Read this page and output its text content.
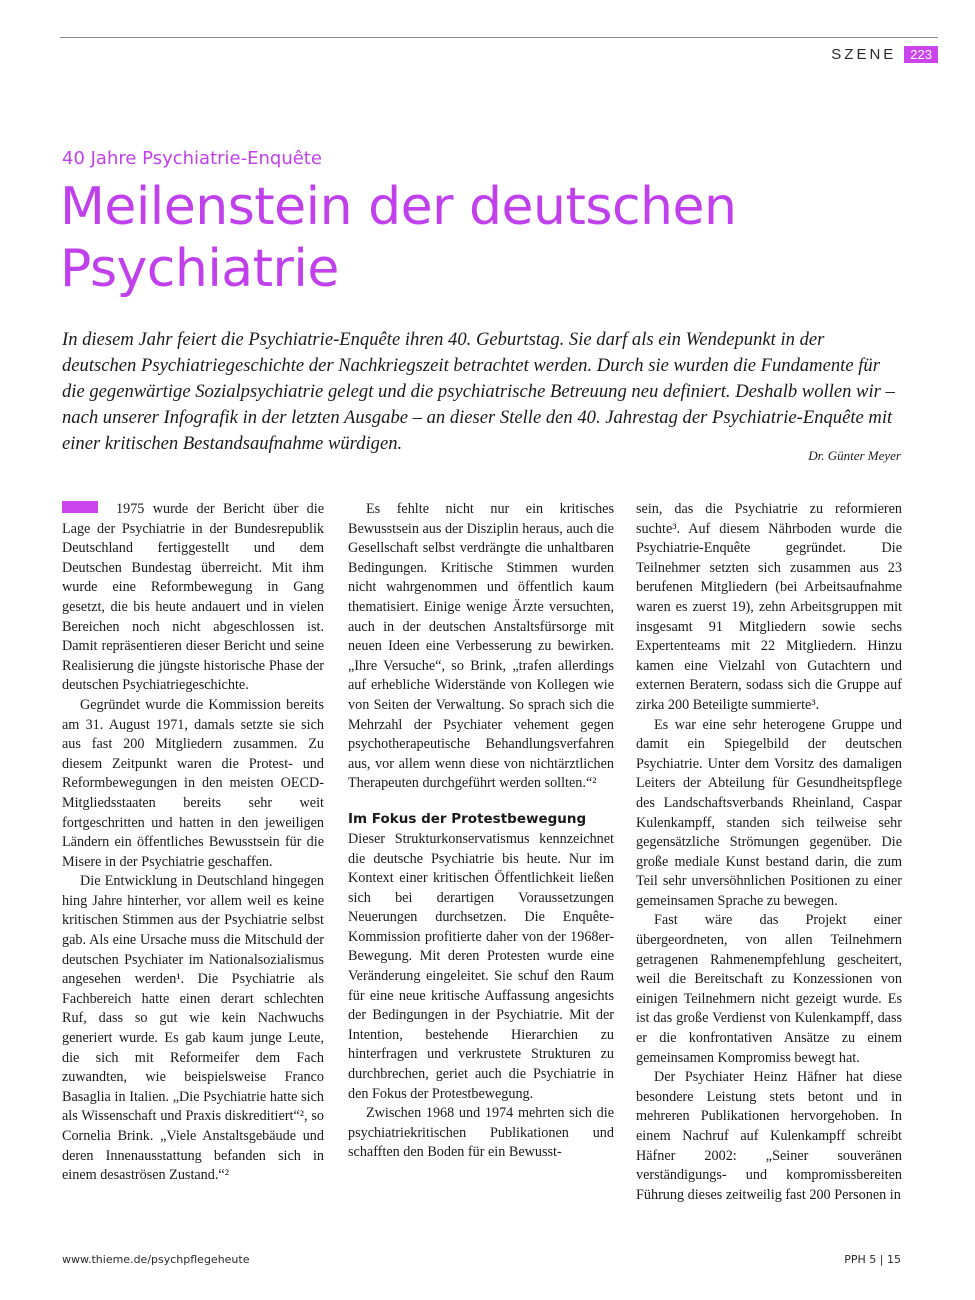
SZENE	223
40 Jahre Psychiatrie-Enquête
Meilenstein der deutschen Psychiatrie

In diesem Jahr feiert die Psychiatrie-Enquête ihren 40. Geburtstag. Sie darf als ein Wendepunkt in der deutschen Psychiatriegeschichte der Nachkriegszeit betrachtet werden. Durch sie wurden die Fundamente für die gegenwärtige Sozialpsychiatrie gelegt und die psychiatrische Betreuung neu definiert. Deshalb wollen wir – nach unserer Infografik in der letzten Ausgabe – an dieser Stelle den 40. Jahrestag der Psychiatrie-Enquête mit einer kritischen Bestandsaufnahme würdigen.

Dr. Günter Meyer

1975 wurde der Bericht über die Lage der Psychiatrie in der Bundesrepublik Deutschland fertiggestellt und dem Deutschen Bundestag überreicht. Mit ihm wurde eine Reformbewegung in Gang gesetzt, die bis heute andauert und in vielen Bereichen noch nicht abgeschlossen ist. Damit repräsentieren dieser Bericht und seine Realisierung die jüngste historische Phase der deutschen Psychiatriegeschichte.

Gegründet wurde die Kommission bereits am 31. August 1971, damals setzte sie sich aus fast 200 Mitgliedern zusammen. Zu diesem Zeitpunkt waren die Protest- und Reformbewegungen in den meisten OECD-Mitgliedsstaaten bereits sehr weit fortgeschritten und hatten in den jeweiligen Ländern ein öffentliches Bewusstsein für die Misere in der Psychiatrie geschaffen.

Die Entwicklung in Deutschland hingegen hing Jahre hinterher, vor allem weil es keine kritischen Stimmen aus der Psychiatrie selbst gab. Als eine Ursache muss die Mitschuld der deutschen Psychiater im Nationalsozialismus angesehen werden¹. Die Psychiatrie als Fachbereich hatte einen derart schlechten Ruf, dass so gut wie kein Nachwuchs generiert wurde. Es gab kaum junge Leute, die sich mit Reformeifer dem Fach zuwandten, wie beispielsweise Franco Basaglia in Italien. „Die Psychiatrie hatte sich als Wissenschaft und Praxis diskreditiert“², so Cornelia Brink. „Viele Anstaltsgebäude und deren Innenausstattung befanden sich in einem desaströsen Zustand.“²

Es fehlte nicht nur ein kritisches Bewusstsein aus der Disziplin heraus, auch die Gesellschaft selbst verdrängte die unhaltbaren Bedingungen. Kritische Stimmen wurden nicht wahrgenommen und öffentlich kaum thematisiert. Einige wenige Ärzte versuchten, auch in der deutschen Anstaltsfürsorge mit neuen Ideen eine Verbesserung zu bewirken. „Ihre Versuche“, so Brink, „trafen allerdings auf erhebliche Widerstände von Kollegen wie von Seiten der Verwaltung. So sprach sich die Mehrzahl der Psychiater vehement gegen psychotherapeutische Behandlungsverfahren aus, vor allem wenn diese von nichtärztlichen Therapeuten durchgeführt werden sollten.“²

Im Fokus der Protestbewegung

Dieser Strukturkonservatismus kennzeichnet die deutsche Psychiatrie bis heute. Nur im Kontext einer kritischen Öffentlichkeit ließen sich bei derartigen Voraussetzungen Neuerungen durchsetzen. Die Enquête-Kommission profitierte daher von der 1968er-Bewegung. Mit deren Protesten wurde eine Veränderung eingeleitet. Sie schuf den Raum für eine neue kritische Auffassung angesichts der Bedingungen in der Psychiatrie. Mit der Intention, bestehende Hierarchien zu hinterfragen und verkrustete Strukturen zu durchbrechen, geriet auch die Psychiatrie in den Fokus der Protestbewegung.

Zwischen 1968 und 1974 mehrten sich die psychiatriekritischen Publikationen und schafften den Boden für ein Bewusst-

sein, das die Psychiatrie zu reformieren suchte³. Auf diesem Nährboden wurde die Psychiatrie-Enquête gegründet. Die Teilnehmer setzten sich zusammen aus 23 berufenen Mitgliedern (bei Arbeitsaufnahme waren es zuerst 19), zehn Arbeitsgruppen mit insgesamt 91 Mitgliedern sowie sechs Expertenteams mit 22 Mitgliedern. Hinzu kamen eine Vielzahl von Gutachtern und externen Beratern, sodass sich die Gruppe auf zirka 200 Beteiligte summierte³.

Es war eine sehr heterogene Gruppe und damit ein Spiegelbild der deutschen Psychiatrie. Unter dem Vorsitz des damaligen Leiters der Abteilung für Gesundheitspflege des Landschaftsverbands Rheinland, Caspar Kulenkampff, standen sich teilweise sehr gegensätzliche Strömungen gegenüber. Die große mediale Kunst bestand darin, die zum Teil sehr unversöhnlichen Positionen zu einer gemeinsamen Sprache zu bewegen.

Fast wäre das Projekt einer übergeordneten, von allen Teilnehmern getragenen Rahmenempfehlung gescheitert, weil die Bereitschaft zu Konzessionen von einigen Teilnehmern nicht gezeigt wurde. Es ist das große Verdienst von Kulenkampff, dass er die konfrontativen Ansätze zu einem gemeinsamen Kompromiss bewegt hat.

Der Psychiater Heinz Häfner hat diese besondere Leistung stets betont und in mehreren Publikationen hervorgehoben. In einem Nachruf auf Kulenkampff schreibt Häfner 2002: „Seiner souveränen verständigungs- und kompromissbereiten Führung dieses zeitweilig fast 200 Personen in

www.thieme.de/psychpflegeheute	PPH 5 | 15
